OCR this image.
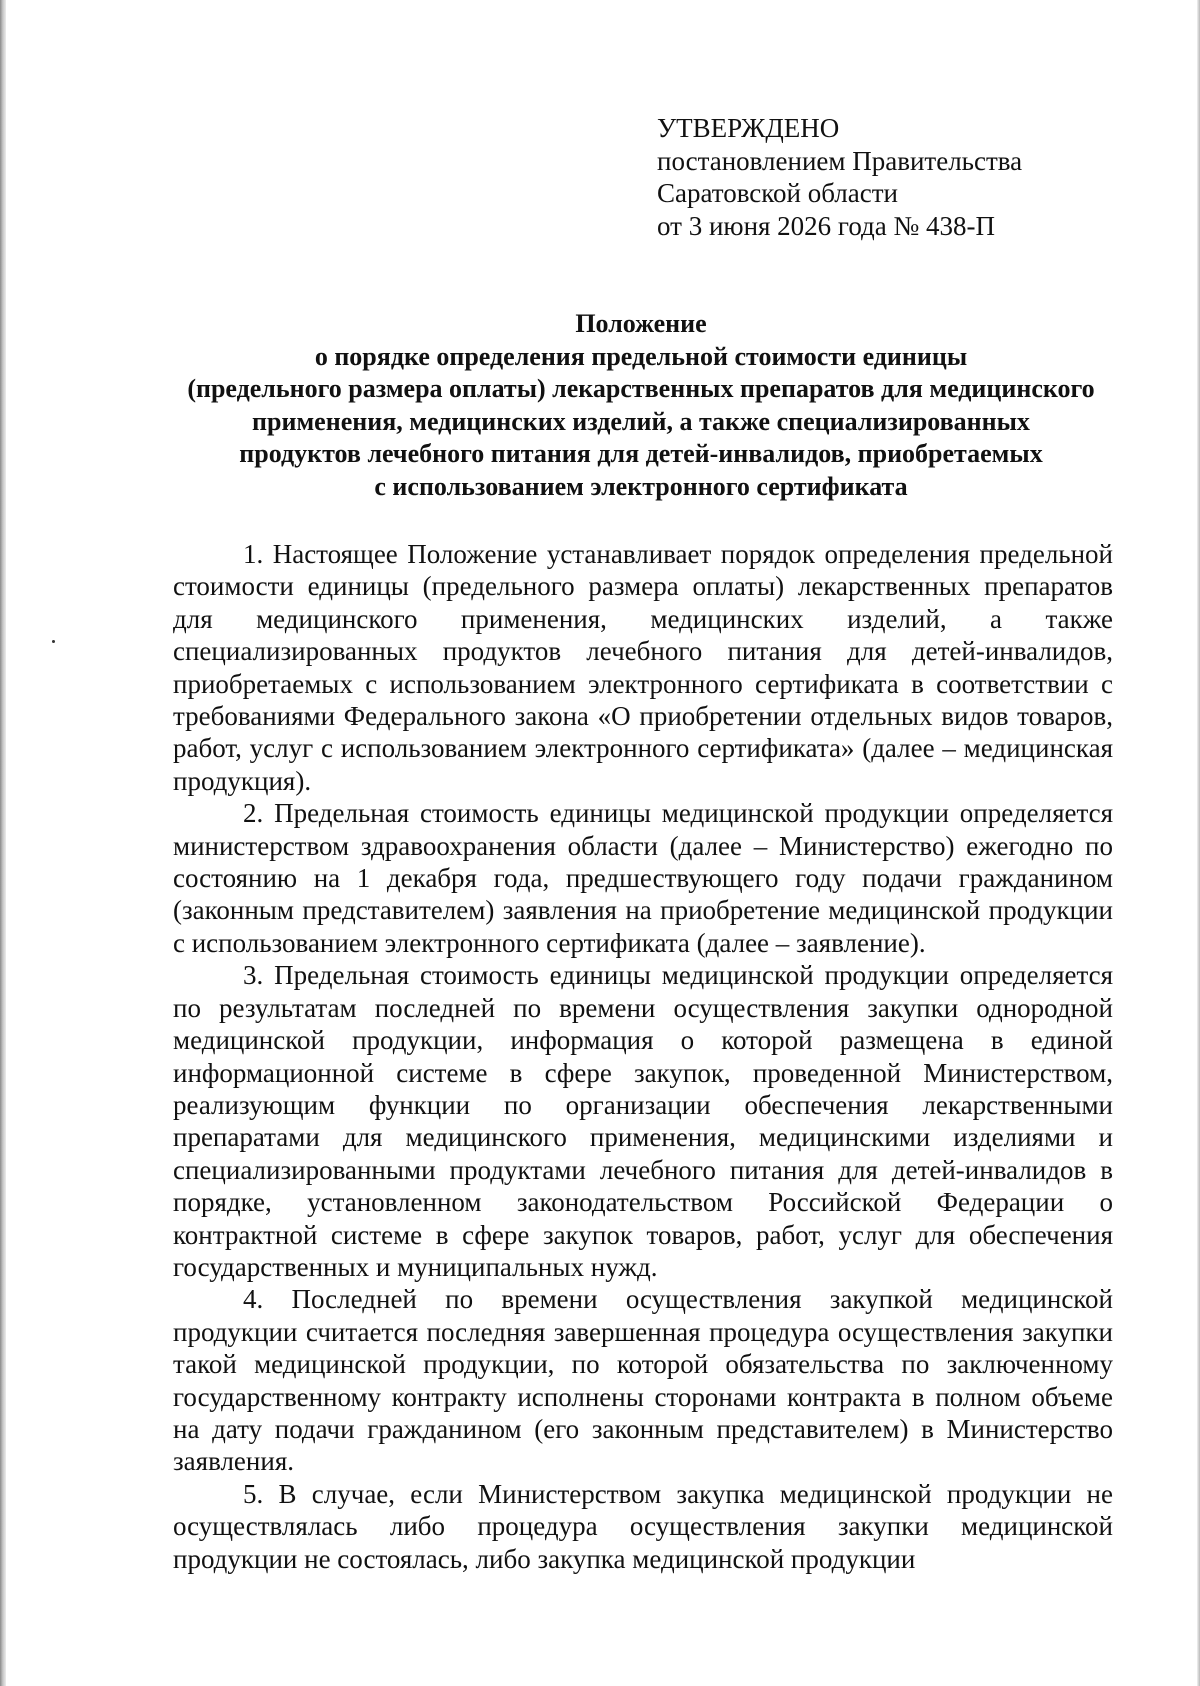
УТВЕРЖДЕНО
постановлением Правительства
Саратовской области
от 3 июня 2026 года № 438-П
Положение
о порядке определения предельной стоимости единицы
(предельного размера оплаты) лекарственных препаратов для медицинского
применения, медицинских изделий, а также специализированных
продуктов лечебного питания для детей-инвалидов, приобретаемых
с использованием электронного сертификата

1. Настоящее Положение устанавливает порядок определения предельной стоимости единицы (предельного размера оплаты) лекарственных препаратов для медицинского применения, медицинских изделий, а также специализированных продуктов лечебного питания для детей-инвалидов, приобретаемых с использованием электронного сертификата в соответствии с требованиями Федерального закона «О приобретении отдельных видов товаров, работ, услуг с использованием электронного сертификата» (далее – медицинская продукция).

2. Предельная стоимость единицы медицинской продукции определяется министерством здравоохранения области (далее – Министерство) ежегодно по состоянию на 1 декабря года, предшествующего году подачи гражданином (законным представителем) заявления на приобретение медицинской продукции с использованием электронного сертификата (далее – заявление).

3. Предельная стоимость единицы медицинской продукции определяется по результатам последней по времени осуществления закупки однородной медицинской продукции, информация о которой размещена в единой информационной системе в сфере закупок, проведенной Министерством, реализующим функции по организации обеспечения лекарственными препаратами для медицинского применения, медицинскими изделиями и специализированными продуктами лечебного питания для детей-инвалидов в порядке, установленном законодательством Российской Федерации о контрактной системе в сфере закупок товаров, работ, услуг для обеспечения государственных и муниципальных нужд.

4. Последней по времени осуществления закупкой медицинской продукции считается последняя завершенная процедура осуществления закупки такой медицинской продукции, по которой обязательства по заключенному государственному контракту исполнены сторонами контракта в полном объеме на дату подачи гражданином (его законным представителем) в Министерство заявления.

5. В случае, если Министерством закупка медицинской продукции не осуществлялась либо процедура осуществления закупки медицинской продукции не состоялась, либо закупка медицинской продукции
